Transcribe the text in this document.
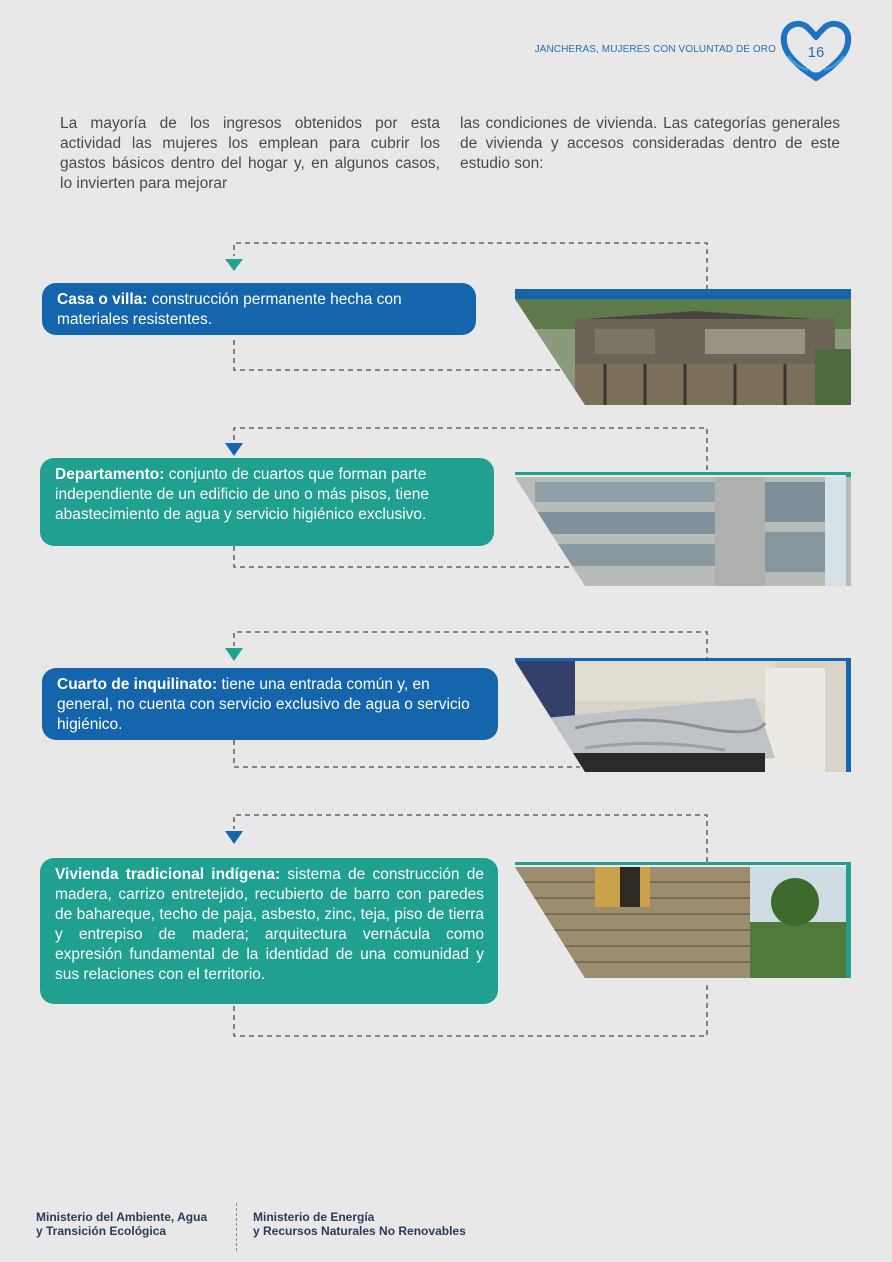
JANCHERAS, MUJERES CON VOLUNTAD DE ORO	16
La mayoría de los ingresos obtenidos por esta actividad las mujeres los emplean para cubrir los gastos básicos dentro del hogar y, en algunos casos, lo invierten para mejorar
las condiciones de vivienda. Las categorías generales de vivienda y accesos consideradas dentro de este estudio son:
Casa o villa: construcción permanente hecha con materiales resistentes.
Departamento: conjunto de cuartos que forman parte independiente de un edificio de uno o más pisos, tiene abastecimiento de agua y servicio higiénico exclusivo.
Cuarto de inquilinato: tiene una entrada común y, en general, no cuenta con servicio exclusivo de agua o servicio higiénico.
Vivienda tradicional indígena: sistema de construcción de madera, carrizo entretejido, recubierto de barro con paredes de bahareque, techo de paja, asbesto, zinc, teja, piso de tierra y entrepiso de madera; arquitectura vernácula como expresión fundamental de la identidad de una comunidad y sus relaciones con el territorio.
Ministerio del Ambiente, Agua
y Transición Ecológica
Ministerio de Energía
y Recursos Naturales No Renovables
